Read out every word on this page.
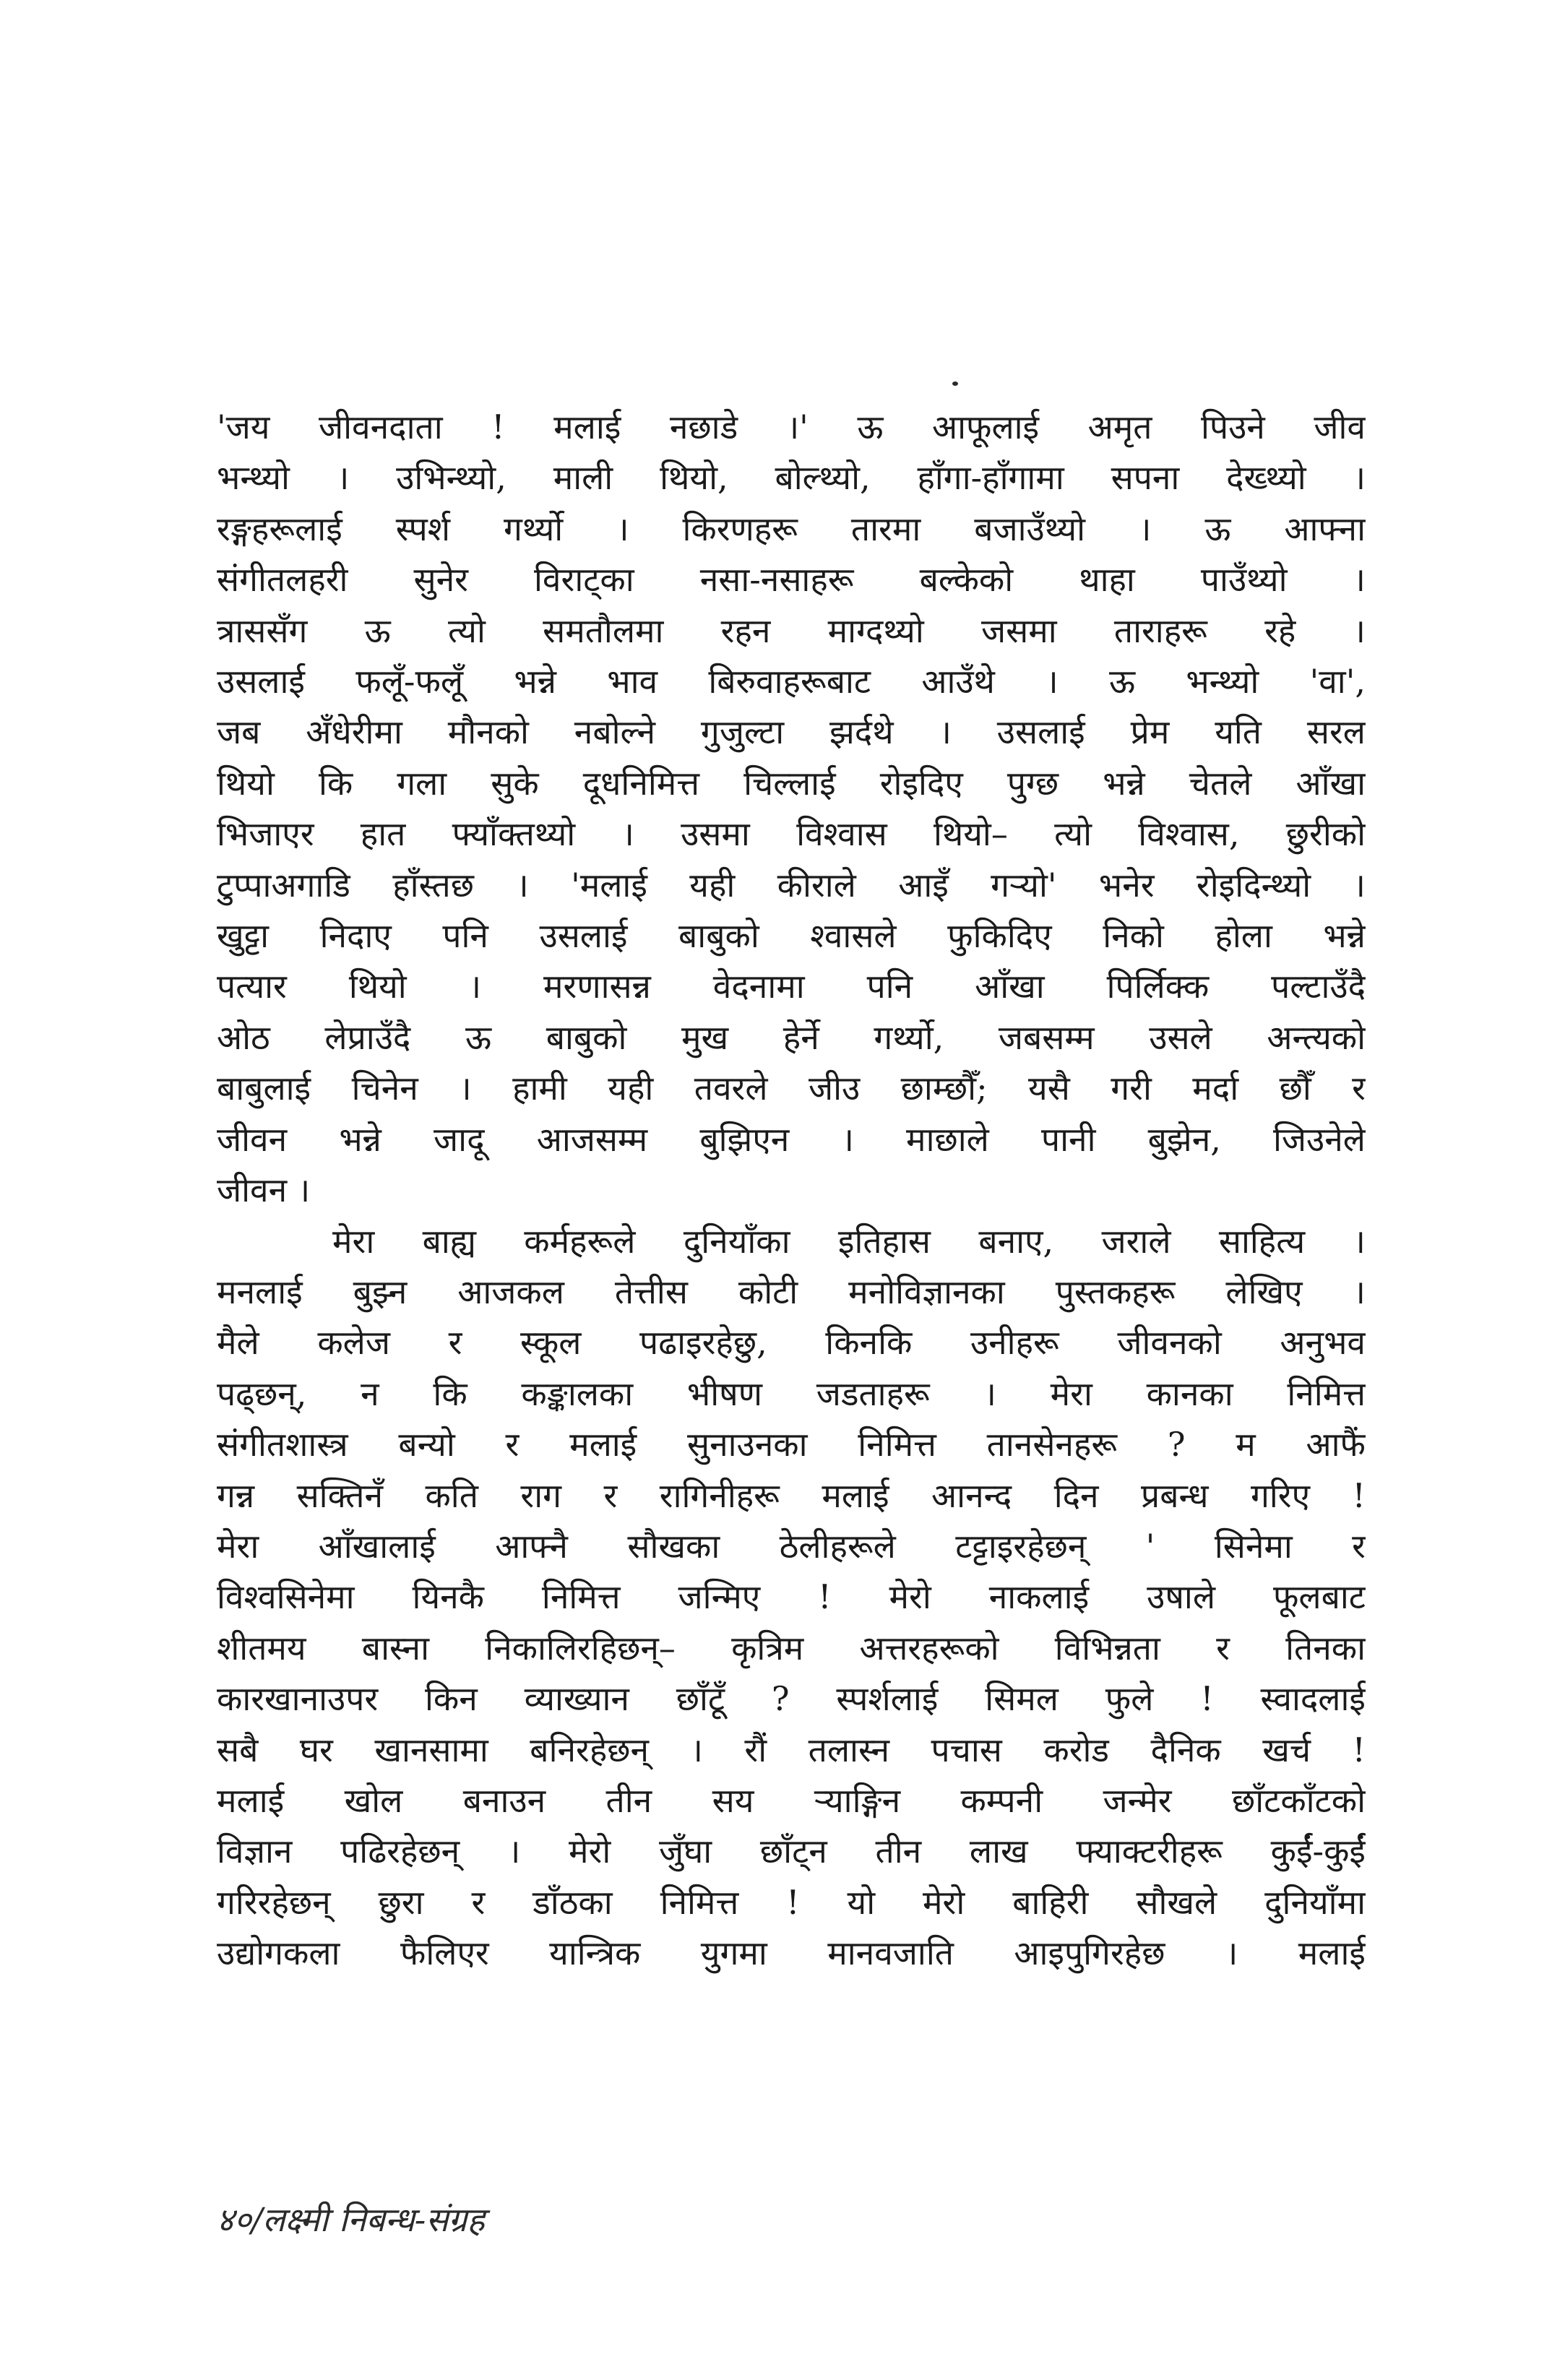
'जय जीवनदाता ! मलाई नछाडे ।' ऊ आफूलाई अमृत पिउने जीव
भन्थ्यो । उभिन्थ्यो, माली थियो, बोल्थ्यो, हाँगा-हाँगामा सपना देख्थ्यो ।
रङ्गहरूलाई स्पर्श गर्थ्यो । किरणहरू तारमा बजाउँथ्यो । ऊ आफ्ना
संगीतलहरी सुनेर विराट्का नसा-नसाहरू बल्केको थाहा पाउँथ्यो ।
त्राससँग ऊ त्यो समतौलमा रहन माग्दथ्यो जसमा ताराहरू रहे ।
उसलाई फलूँ-फलूँ भन्ने भाव बिरुवाहरूबाट आउँथे । ऊ भन्थ्यो 'वा',
जब अँधेरीमा मौनको नबोल्ने गुजुल्टा झर्दथे । उसलाई प्रेम यति सरल
थियो कि गला सुके दूधनिमित्त चिल्लाई रोइदिए पुग्छ भन्ने चेतले आँखा
भिजाएर हात फ्याँक्तथ्यो । उसमा विश्वास थियो– त्यो विश्वास, छुरीको
टुप्पाअगाडि हाँस्तछ । 'मलाई यही कीराले आइँ गऱ्यो' भनेर रोइदिन्थ्यो ।
खुट्टा निदाए पनि उसलाई बाबुको श्वासले फुकिदिए निको होला भन्ने
पत्यार थियो । मरणासन्न वेदनामा पनि आँखा पिर्लिक्क पल्टाउँदै
ओठ लेप्राउँदै ऊ बाबुको मुख हेर्ने गर्थ्यो, जबसम्म उसले अन्त्यको
बाबुलाई चिनेन । हामी यही तवरले जीउ छाम्छौँ; यसै गरी मर्दा छौँ र
जीवन भन्ने जादू आजसम्म बुझिएन । माछाले पानी बुझेन, जिउनेले
जीवन ।
मेरा बाह्य कर्महरूले दुनियाँका इतिहास बनाए, जराले साहित्य ।
मनलाई बुझ्न आजकल तेत्तीस कोटी मनोविज्ञानका पुस्तकहरू लेखिए ।
मैले कलेज र स्कूल पढाइरहेछु, किनकि उनीहरू जीवनको अनुभव
पढ्छन्, न कि कङ्कालका भीषण जडताहरू । मेरा कानका निमित्त
संगीतशास्त्र बन्यो र मलाई सुनाउनका निमित्त तानसेनहरू ? म आफैं
गन्न सक्तिनँ कति राग र रागिनीहरू मलाई आनन्द दिन प्रबन्ध गरिए !
मेरा आँखालाई आफ्नै सौखका ठेलीहरूले टट्टाइरहेछन् ' सिनेमा र
विश्वसिनेमा यिनकै निमित्त जन्मिए ! मेरो नाकलाई उषाले फूलबाट
शीतमय बास्ना निकालिरहिछन्– कृत्रिम अत्तरहरूको विभिन्नता र तिनका
कारखानाउपर किन व्याख्यान छाँटूँ ? स्पर्शलाई सिमल फुले ! स्वादलाई
सबै घर खानसामा बनिरहेछन् । रौं तलास्न पचास करोड दैनिक खर्च !
मलाई खोल बनाउन तीन सय ऱ्याङ्गिन कम्पनी जन्मेर छाँटकाँटको
विज्ञान पढिरहेछन् । मेरो जुँघा छाँट्न तीन लाख फ्याक्टरीहरू कुईं-कुईं
गरिरहेछन् छुरा र डाँठका निमित्त ! यो मेरो बाहिरी सौखले दुनियाँमा
उद्योगकला फैलिएर यान्त्रिक युगमा मानवजाति आइपुगिरहेछ । मलाई
४०/लक्ष्मी निबन्ध-संग्रह
